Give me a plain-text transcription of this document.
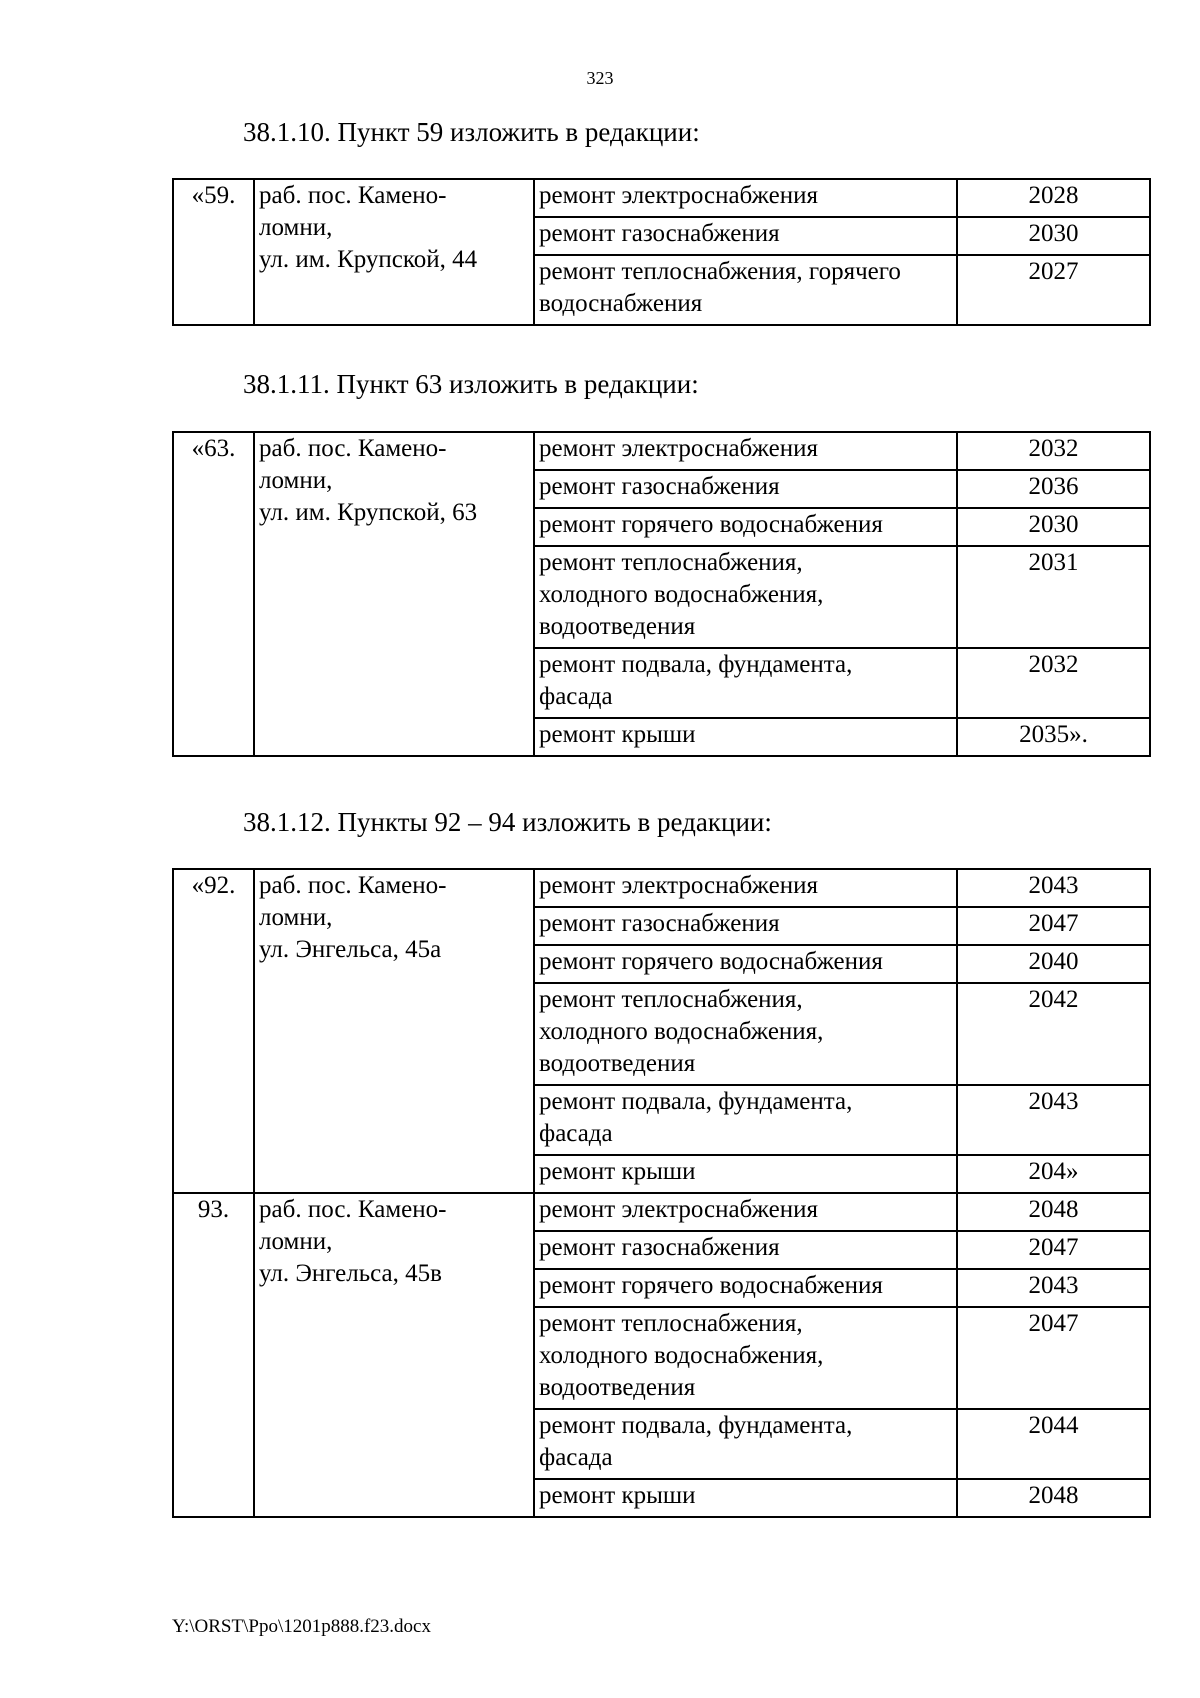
323

38.1.10. Пункт 59 изложить в редакции:

«59.	раб. пос. Камено-
ломни,
ул. им. Крупской, 44	ремонт электроснабжения	2028

		ремонт газоснабжения	2030

		ремонт теплоснабжения, горячего
водоснабжения	2027

38.1.11. Пункт 63 изложить в редакции:

«63.	раб. пос. Камено-
ломни,
ул. им. Крупской, 63	ремонт электроснабжения	2032

		ремонт газоснабжения	2036

		ремонт горячего водоснабжения	2030

		ремонт теплоснабжения,
холодного водоснабжения,
водоотведения	2031

		ремонт подвала, фундамента,
фасада	2032

		ремонт крыши	2035».

38.1.12. Пункты 92 – 94 изложить в редакции:

«92.	раб. пос. Камено-
ломни,
ул. Энгельса, 45а	ремонт электроснабжения	2043

		ремонт газоснабжения	2047

		ремонт горячего водоснабжения	2040

		ремонт теплоснабжения,
холодного водоснабжения,
водоотведения	2042

		ремонт подвала, фундамента,
фасада	2043

		ремонт крыши	204»
93.	раб. пос. Камено-
ломни,
ул. Энгельса, 45в	ремонт электроснабжения	2048

		ремонт газоснабжения	2047

		ремонт горячего водоснабжения	2043

		ремонт теплоснабжения,
холодного водоснабжения,
водоотведения	2047

		ремонт подвала, фундамента,
фасада	2044

		ремонт крыши	2048
Y:\ORST\Ppo\1201p888.f23.docx
